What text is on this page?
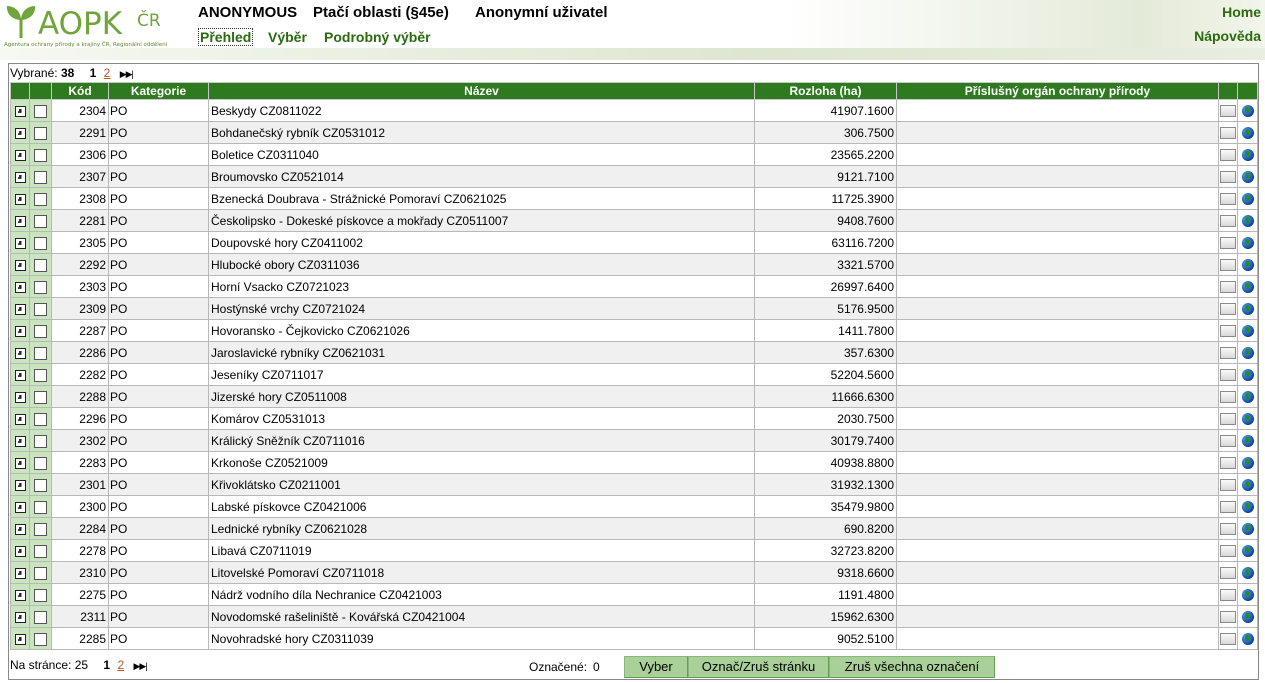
AOPK ČR
Agentura ochrany přírody a krajiny ČR, Regionální oddělení
ANONYMOUS Ptačí oblasti (§45e) Anonymní uživatel
Přehled Výběr Podrobný výběr
Home
Nápověda
Vybrané: 38 1 2 ▶▶|
		Kód	Kategorie	Název	Rozloha (ha)	Příslušný orgán ochrany přírody		
		2304	PO	Beskydy CZ0811022	41907.1600			
		2291	PO	Bohdanečský rybník CZ0531012	306.7500			
		2306	PO	Boletice CZ0311040	23565.2200			
		2307	PO	Broumovsko CZ0521014	9121.7100			
		2308	PO	Bzenecká Doubrava - Strážnické Pomoraví CZ0621025	11725.3900			
		2281	PO	Českolipsko - Dokeské pískovce a mokřady CZ0511007	9408.7600			
		2305	PO	Doupovské hory CZ0411002	63116.7200			
		2292	PO	Hlubocké obory CZ0311036	3321.5700			
		2303	PO	Horní Vsacko CZ0721023	26997.6400			
		2309	PO	Hostýnské vrchy CZ0721024	5176.9500			
		2287	PO	Hovoransko - Čejkovicko CZ0621026	1411.7800			
		2286	PO	Jaroslavické rybníky CZ0621031	357.6300			
		2282	PO	Jeseníky CZ0711017	52204.5600			
		2288	PO	Jizerské hory CZ0511008	11666.6300			
		2296	PO	Komárov CZ0531013	2030.7500			
		2302	PO	Králický Sněžník CZ0711016	30179.7400			
		2283	PO	Krkonoše CZ0521009	40938.8800			
		2301	PO	Křivoklátsko CZ0211001	31932.1300			
		2300	PO	Labské pískovce CZ0421006	35479.9800			
		2284	PO	Lednické rybníky CZ0621028	690.8200			
		2278	PO	Libavá CZ0711019	32723.8200			
		2310	PO	Litovelské Pomoraví CZ0711018	9318.6600			
		2275	PO	Nádrž vodního díla Nechranice CZ0421003	1191.4800			
		2311	PO	Novodomské rašeliniště - Kovářská CZ0421004	15962.6300			
		2285	PO	Novohradské hory CZ0311039	9052.5100			
Na stránce: 25 1 2 ▶▶|	Označené: 0	Vyber	Označ/Zruš stránku	Zruš všechna označení
